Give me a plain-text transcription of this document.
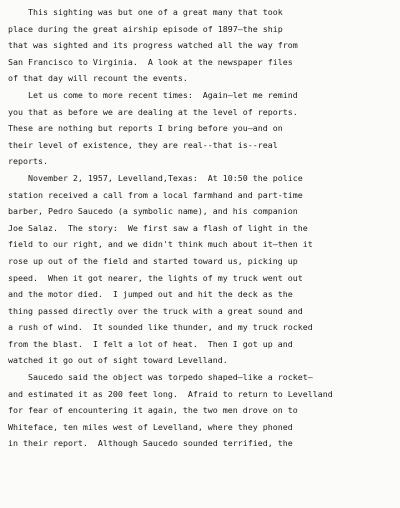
This sighting was but one of a great many that took
place during the great airship episode of 1897—the ship
that was sighted and its progress watched all the way from
San Francisco to Virginia.  A look at the newspaper files
of that day will recount the events.
Let us come to more recent times:  Again—let me remind
you that as before we are dealing at the level of reports.
These are nothing but reports I bring before you—and on
their level of existence, they are real--that is--real
reports.
November 2, 1957, Levelland,Texas:  At 10:50 the police
station received a call from a local farmhand and part-time
barber, Pedro Saucedo (a symbolic name), and his companion
Joe Salaz.  The story:  We first saw a flash of light in the
field to our right, and we didn't think much about it—then it
rose up out of the field and started toward us, picking up
speed.  When it got nearer, the lights of my truck went out
and the motor died.  I jumped out and hit the deck as the
thing passed directly over the truck with a great sound and
a rush of wind.  It sounded like thunder, and my truck rocked
from the blast.  I felt a lot of heat.  Then I got up and
watched it go out of sight toward Levelland.
Saucedo said the object was torpedo shaped—like a rocket—
and estimated it as 200 feet long.  Afraid to return to Levelland
for fear of encountering it again, the two men drove on to
Whiteface, ten miles west of Levelland, where they phoned
in their report.  Although Saucedo sounded terrified, the
